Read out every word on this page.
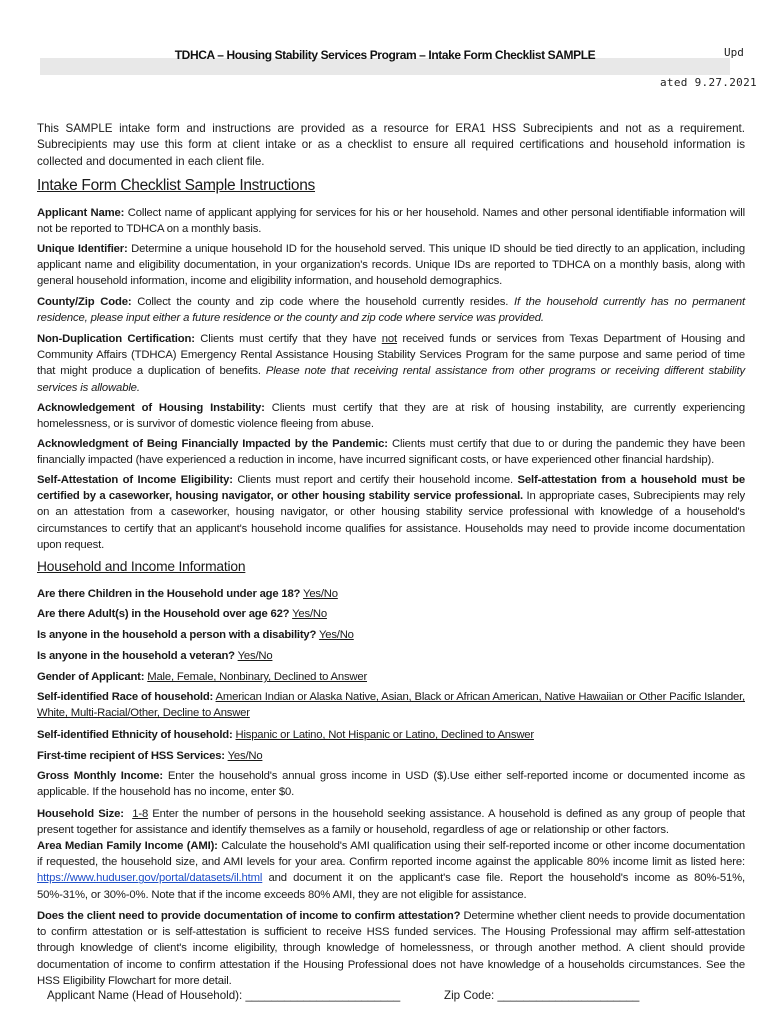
TDHCA – Housing Stability Services Program – Intake Form Checklist SAMPLE	Upd
ated 9.27.2021
This SAMPLE intake form and instructions are provided as a resource for ERA1 HSS Subrecipients and not as a requirement. Subrecipients may use this form at client intake or as a checklist to ensure all required certifications and household information is collected and documented in each client file.
Intake Form Checklist Sample Instructions
Applicant Name: Collect name of applicant applying for services for his or her household. Names and other personal identifiable information will not be reported to TDHCA on a monthly basis.
Unique Identifier: Determine a unique household ID for the household served. This unique ID should be tied directly to an application, including applicant name and eligibility documentation, in your organization's records. Unique IDs are reported to TDHCA on a monthly basis, along with general household information, income and eligibility information, and household demographics.
County/Zip Code: Collect the county and zip code where the household currently resides. If the household currently has no permanent residence, please input either a future residence or the county and zip code where service was provided.
Non-Duplication Certification: Clients must certify that they have not received funds or services from Texas Department of Housing and Community Affairs (TDHCA) Emergency Rental Assistance Housing Stability Services Program for the same purpose and same period of time that might produce a duplication of benefits. Please note that receiving rental assistance from other programs or receiving different stability services is allowable.
Acknowledgement of Housing Instability: Clients must certify that they are at risk of housing instability, are currently experiencing homelessness, or is survivor of domestic violence fleeing from abuse.
Acknowledgment of Being Financially Impacted by the Pandemic: Clients must certify that due to or during the pandemic they have been financially impacted (have experienced a reduction in income, have incurred significant costs, or have experienced other financial hardship).
Self-Attestation of Income Eligibility: Clients must report and certify their household income. Self-attestation from a household must be certified by a caseworker, housing navigator, or other housing stability service professional. In appropriate cases, Subrecipients may rely on an attestation from a caseworker, housing navigator, or other housing stability service professional with knowledge of a household's circumstances to certify that an applicant's household income qualifies for assistance. Households may need to provide income documentation upon request.
Household and Income Information
Are there Children in the Household under age 18? Yes/No
Are there Adult(s) in the Household over age 62? Yes/No
Is anyone in the household a person with a disability? Yes/No
Is anyone in the household a veteran? Yes/No
Gender of Applicant: Male, Female, Nonbinary, Declined to Answer
Self-identified Race of household: American Indian or Alaska Native, Asian, Black or African American, Native Hawaiian or Other Pacific Islander, White, Multi-Racial/Other, Decline to Answer
Self-identified Ethnicity of household: Hispanic or Latino, Not Hispanic or Latino, Declined to Answer
First-time recipient of HSS Services: Yes/No
Gross Monthly Income: Enter the household's annual gross income in USD ($).Use either self-reported income or documented income as applicable. If the household has no income, enter $0.
Household Size: 1-8 Enter the number of persons in the household seeking assistance. A household is defined as any group of people that present together for assistance and identify themselves as a family or household, regardless of age or relationship or other factors.
Area Median Family Income (AMI): Calculate the household's AMI qualification using their self-reported income or other income documentation if requested, the household size, and AMI levels for your area. Confirm reported income against the applicable 80% income limit as listed here: https://www.huduser.gov/portal/datasets/il.html and document it on the applicant's case file. Report the household's income as 80%-51%, 50%-31%, or 30%-0%. Note that if the income exceeds 80% AMI, they are not eligible for assistance.
Does the client need to provide documentation of income to confirm attestation? Determine whether client needs to provide documentation to confirm attestation or is self-attestation is sufficient to receive HSS funded services. The Housing Professional may affirm self-attestation through knowledge of client's income eligibility, through knowledge of homelessness, or through another method. A client should provide documentation of income to confirm attestation if the Housing Professional does not have knowledge of a households circumstances. See the HSS Eligibility Flowchart for more detail.
Applicant Name (Head of Household): ________________________	Zip Code: ______________________
